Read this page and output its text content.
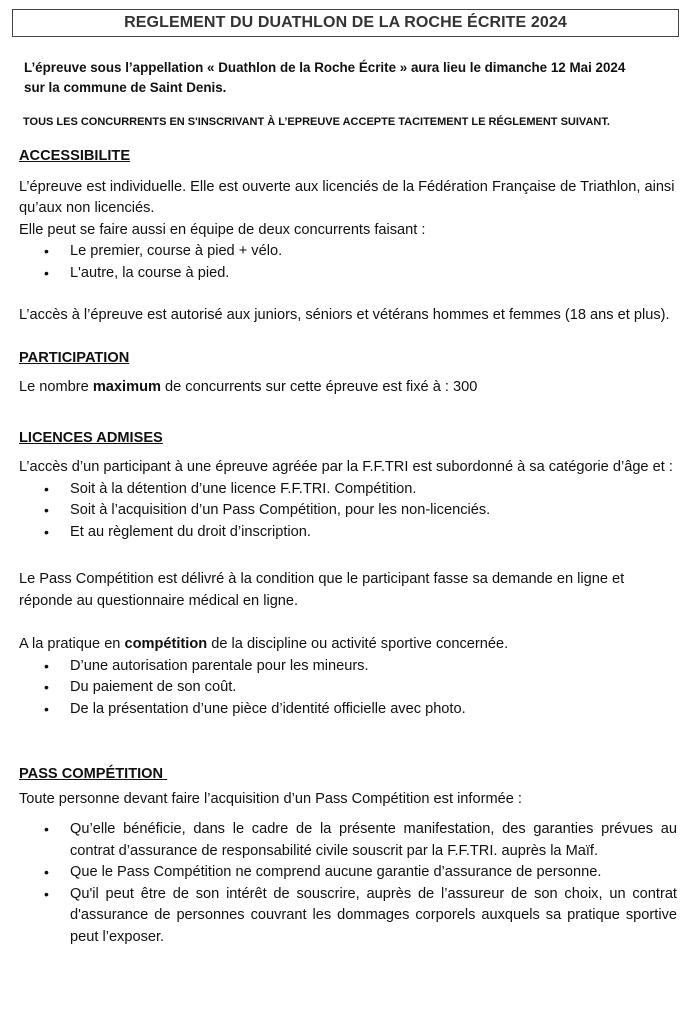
REGLEMENT DU DUATHLON DE LA ROCHE ÉCRITE 2024
L’épreuve sous l’appellation « Duathlon de la Roche Écrite » aura lieu le dimanche 12 Mai 2024
sur la commune de Saint Denis.
TOUS LES CONCURRENTS EN S'INSCRIVANT À L’EPREUVE ACCEPTE TACITEMENT LE RÉGLEMENT SUIVANT.

ACCESSIBILITE

L’épreuve est individuelle. Elle est ouverte aux licenciés de la Fédération Française de Triathlon, ainsi qu’aux non licenciés.

Elle peut se faire aussi en équipe de deux concurrents faisant :

• Le premier, course à pied + vélo.
• L'autre, la course à pied.

L’accès à l’épreuve est autorisé aux juniors, séniors et vétérans hommes et femmes (18 ans et plus).

PARTICIPATION

Le nombre maximum de concurrents sur cette épreuve est fixé à : 300

LICENCES ADMISES

L’accès d’un participant à une épreuve agréée par la F.F.TRI est subordonné à sa catégorie d’âge et :

• Soit à la détention d’une licence F.F.TRI. Compétition.
• Soit à l’acquisition d’un Pass Compétition, pour les non-licenciés.
• Et au règlement du droit d’inscription.

Le Pass Compétition est délivré à la condition que le participant fasse sa demande en ligne et réponde au questionnaire médical en ligne.

A la pratique en compétition de la discipline ou activité sportive concernée.

• D’une autorisation parentale pour les mineurs.
• Du paiement de son coût.
• De la présentation d’une pièce d’identité officielle avec photo.

PASS COMPÉTITION

Toute personne devant faire l’acquisition d’un Pass Compétition est informée :

• Qu’elle bénéficie, dans le cadre de la présente manifestation, des garanties prévues au contrat d’assurance de responsabilité civile souscrit par la F.F.TRI. auprès la Maïf.
• Que le Pass Compétition ne comprend aucune garantie d’assurance de personne.
• Qu'il peut être de son intérêt de souscrire, auprès de l’assureur de son choix, un contrat d'assurance de personnes couvrant les dommages corporels auxquels sa pratique sportive peut l’exposer.
